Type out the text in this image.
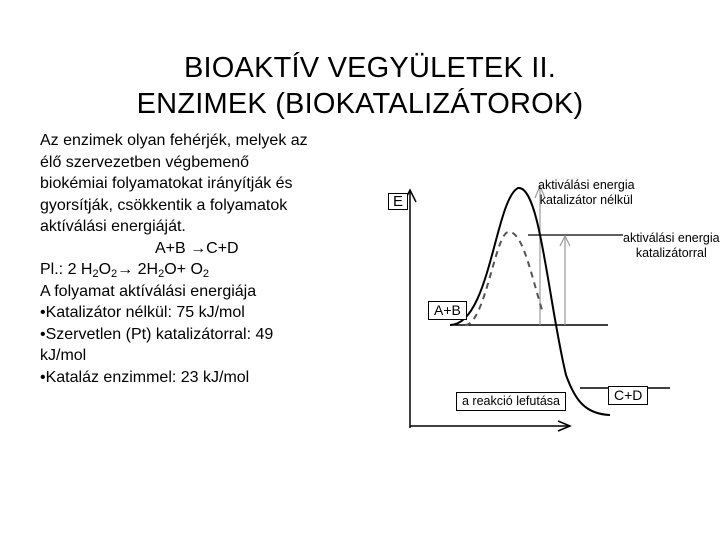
BIOAKTÍV VEGYÜLETEK II.
ENZIMEK (BIOKATALIZÁTOROK)

Az enzimek olyan fehérjék, melyek az

élő szervezetben végbemenő

biokémiai folyamatokat irányítják és

gyorsítják, csökkentik a folyamatok

aktíválási energiáját.

A+B →C+D

Pl.: 2 $H_2O_2\to 2H_2O+ O_2$

A folyamat aktíválási energiája

•Katalizátor nélkül: 75 kJ/mol

•Szervetlen (Pt) katalizátorral: 49

kJ/mol

•Kataláz enzimmel: 23 kJ/mol

E
aktiválási energia
katalizátor nélkül
aktiválási energia
katalizátorral
A+B
a reakció lefutása	C+D
